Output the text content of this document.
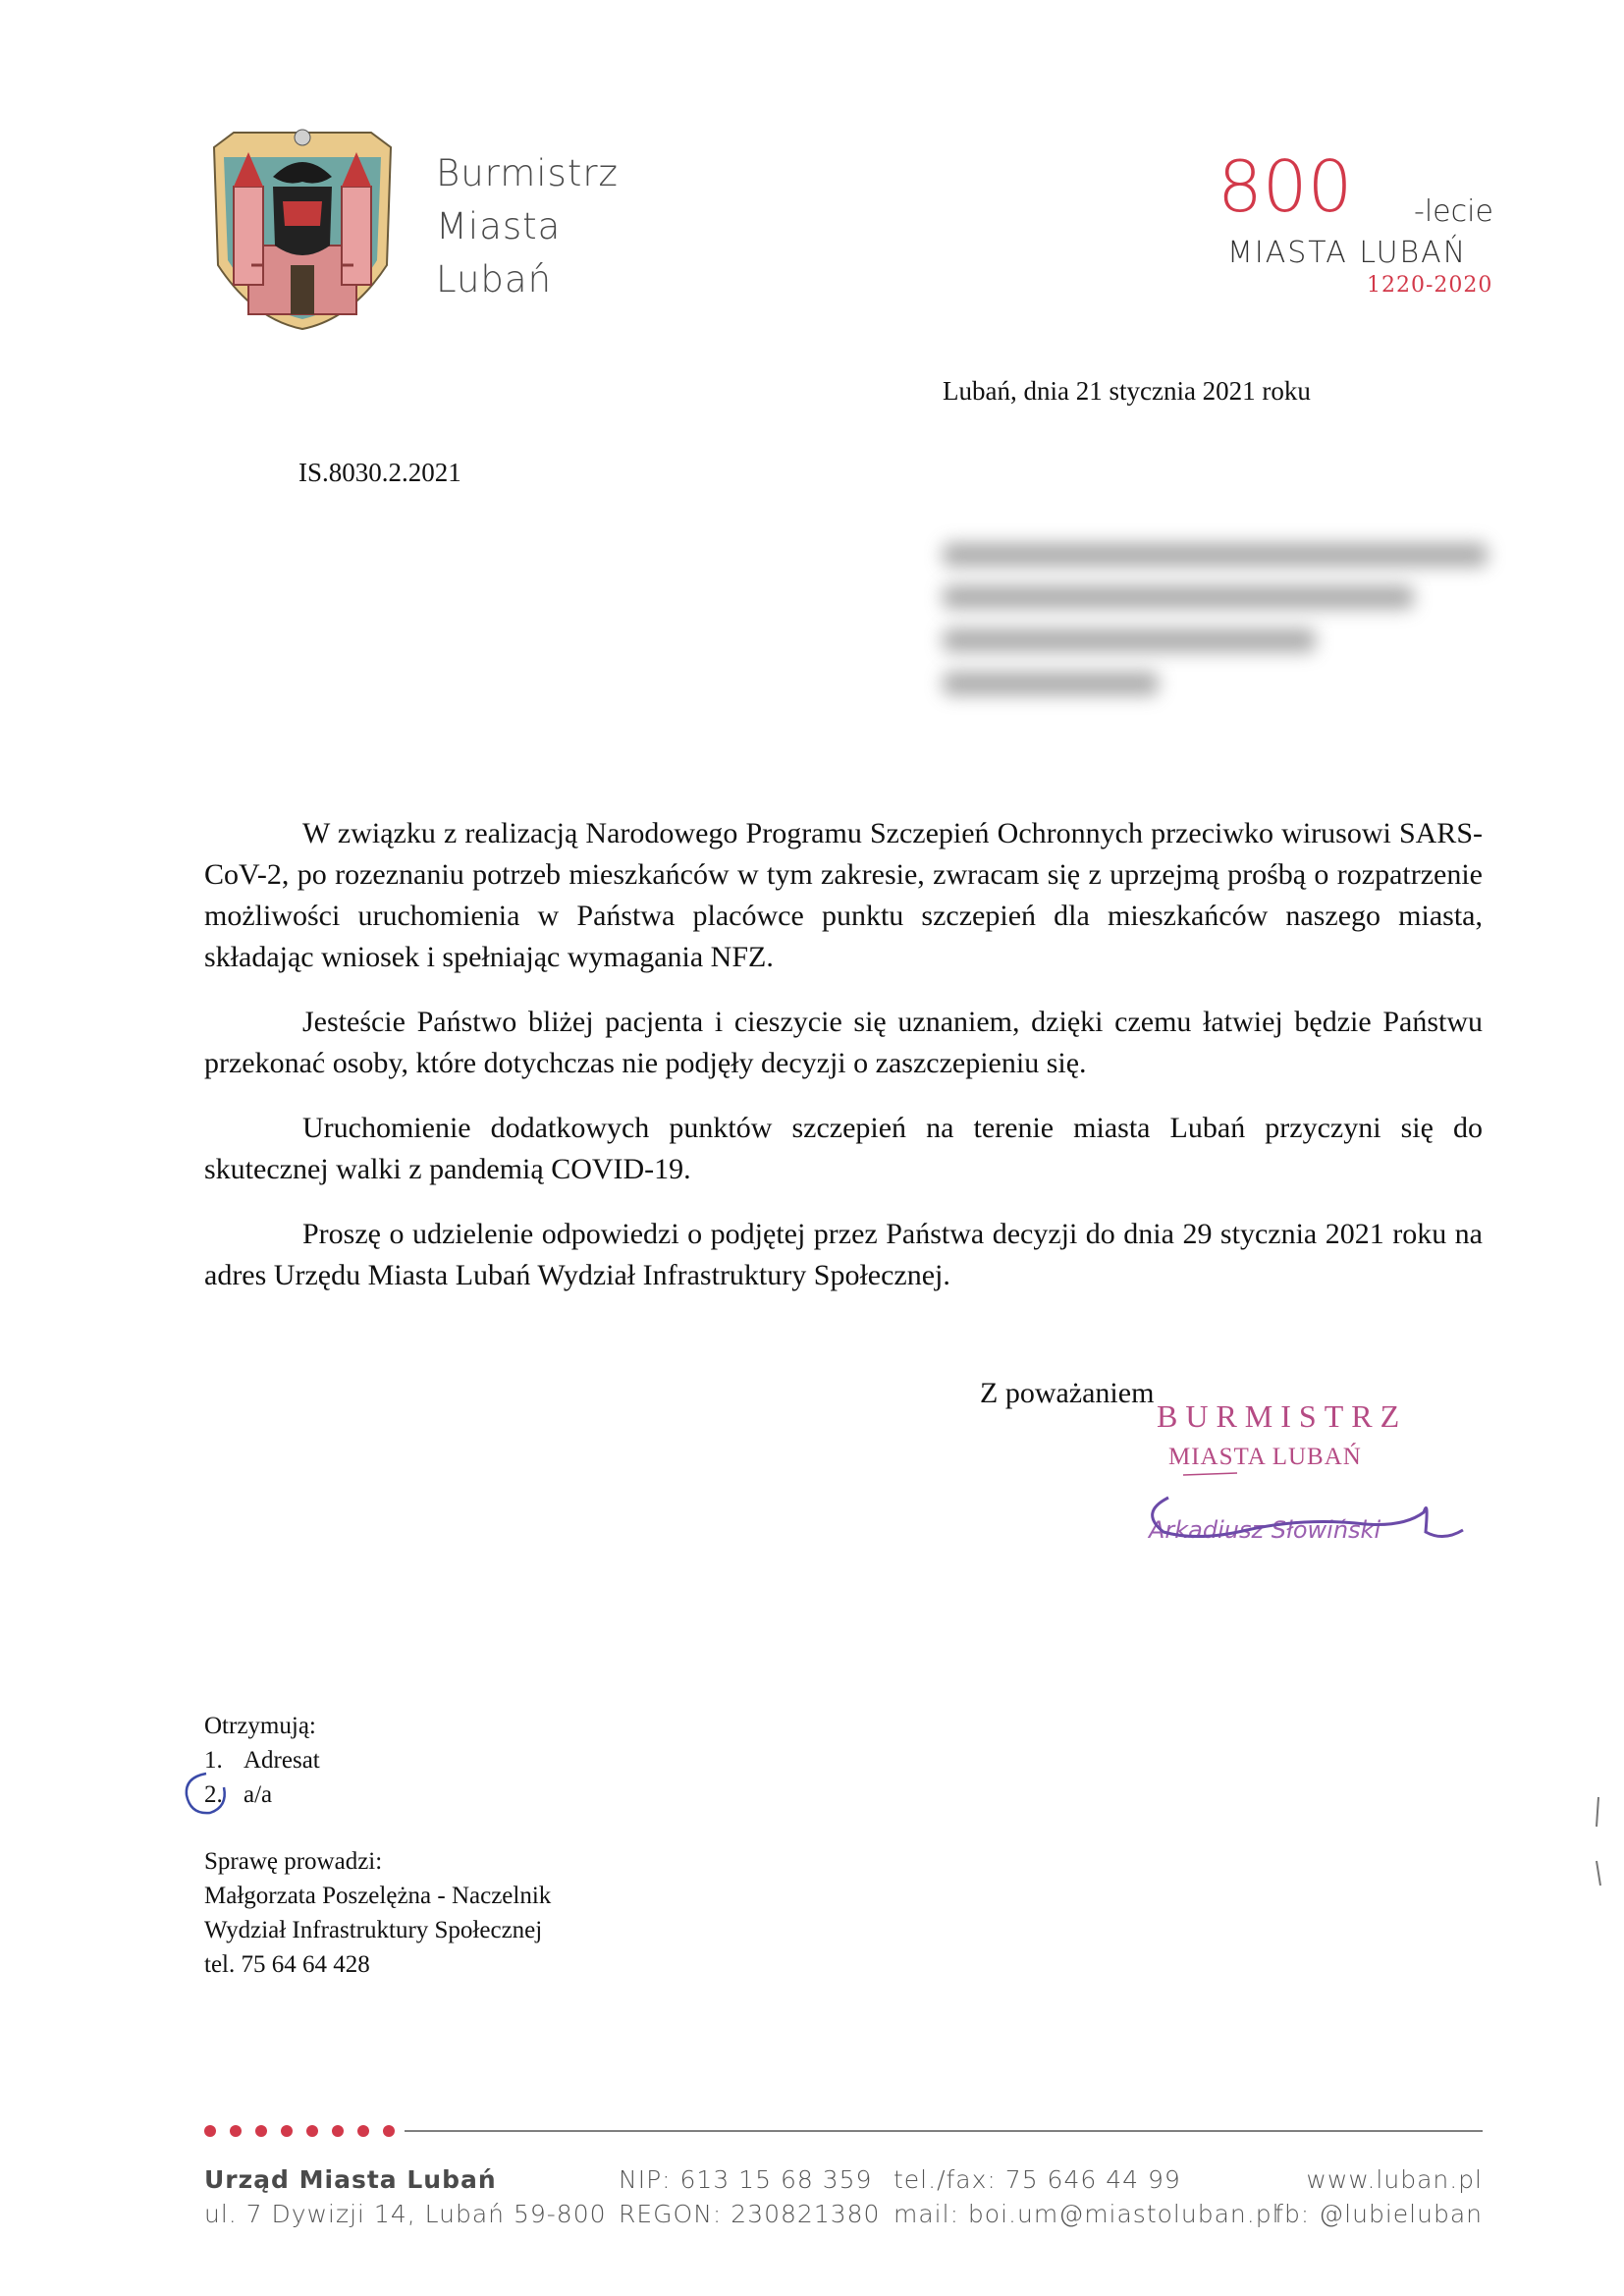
Burmistrz
Miasta
Lubań
800 -lecie
MIASTA LUBAŃ
1220-2020
Lubań, dnia 21 stycznia 2021 roku
IS.8030.2.2021

W związku z realizacją Narodowego Programu Szczepień Ochronnych przeciwko wirusowi SARS-CoV-2, po rozeznaniu potrzeb mieszkańców w tym zakresie, zwracam się z uprzejmą prośbą o rozpatrzenie możliwości uruchomienia w Państwa placówce punktu szczepień dla mieszkańców naszego miasta, składając wniosek i spełniając wymagania NFZ.

Jesteście Państwo bliżej pacjenta i cieszycie się uznaniem, dzięki czemu łatwiej będzie Państwu przekonać osoby, które dotychczas nie podjęły decyzji o zaszczepieniu się.

Uruchomienie dodatkowych punktów szczepień na terenie miasta Lubań przyczyni się do skutecznej walki z pandemią COVID-19.

Proszę o udzielenie odpowiedzi o podjętej przez Państwa decyzji do dnia 29 stycznia 2021 roku na adres Urzędu Miasta Lubań Wydział Infrastruktury Społecznej.

Z poważaniem
BURMISTRZ
MIASTA LUBAŃ
Arkadiusz Słowiński
Otrzymują:
1. Adresat
2. a/a
Sprawę prowadzi:
Małgorzata Poszelężna - Naczelnik
Wydział Infrastruktury Społecznej
tel. 75 64 64 428
Urząd Miasta Lubań
ul. 7 Dywizji 14, Lubań 59-800
NIP: 613 15 68 359
REGON: 230821380
tel./fax: 75 646 44 99
mail: boi.um@miastoluban.pl
www.luban.pl
fb: @lubieluban
